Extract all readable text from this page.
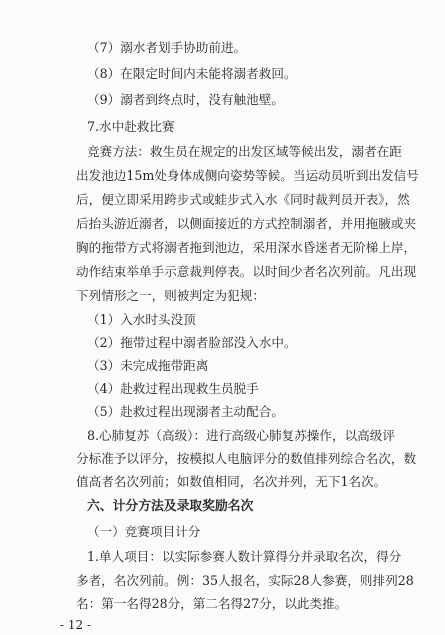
（7）溺水者划手协助前进。
（8）在限定时间内未能将溺者救回。
（9）溺者到终点时，没有触池壁。
7.水中赴救比赛
竞赛方法：救生员在规定的出发区域等候出发，溺者在距
出发池边15m处身体成侧向姿势等候。当运动员听到出发信号
后，便立即采用跨步式或蛙步式入水《同时裁判员开表》，然
后抬头游近溺者，以侧面接近的方式控制溺者，并用拖腋或夹
胸的拖带方式将溺者拖到池边，采用深水昏迷者无阶梯上岸，
动作结束举单手示意裁判停表。以时间少者名次列前。凡出现
下列情形之一，则被判定为犯规：
（1）入水时头没顶
（2）拖带过程中溺者脸部没入水中。
（3）未完成拖带距离
（4）赴救过程出现救生员脱手
（5）赴救过程出现溺者主动配合。
8.心肺复苏（高级）：进行高级心肺复苏操作，以高级评
分标准予以评分，按模拟人电脑评分的数值排列综合名次，数
值高者名次列前；如数值相同，名次并列，无下1名次。
六、计分方法及录取奖励名次
（一）竞赛项目计分
1.单人项目：以实际参赛人数计算得分并录取名次，得分
多者，名次列前。例：35人报名，实际28人参赛，则排列28
名：第一名得28分，第二名得27分，以此类推。
- 12 -
